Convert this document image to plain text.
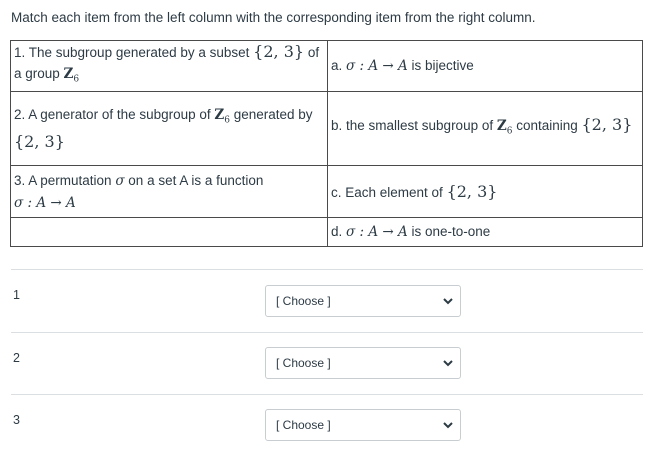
Match each item from the left column with the corresponding item from the right column.
1. The subgroup generated by a subset {2, 3} of a group $Z_6$	a. σ : A → A is bijective
2. A generator of the subgroup of $Z_6$ generated by {2, 3}	b. the smallest subgroup of $Z_6$ containing {2, 3}
3. A permutation σ on a set A is a function
σ : A → A	c. Each element of {2, 3}
	d. σ : A → A is one-to-one
1	[ Choose ]
2	[ Choose ]
3	[ Choose ]
